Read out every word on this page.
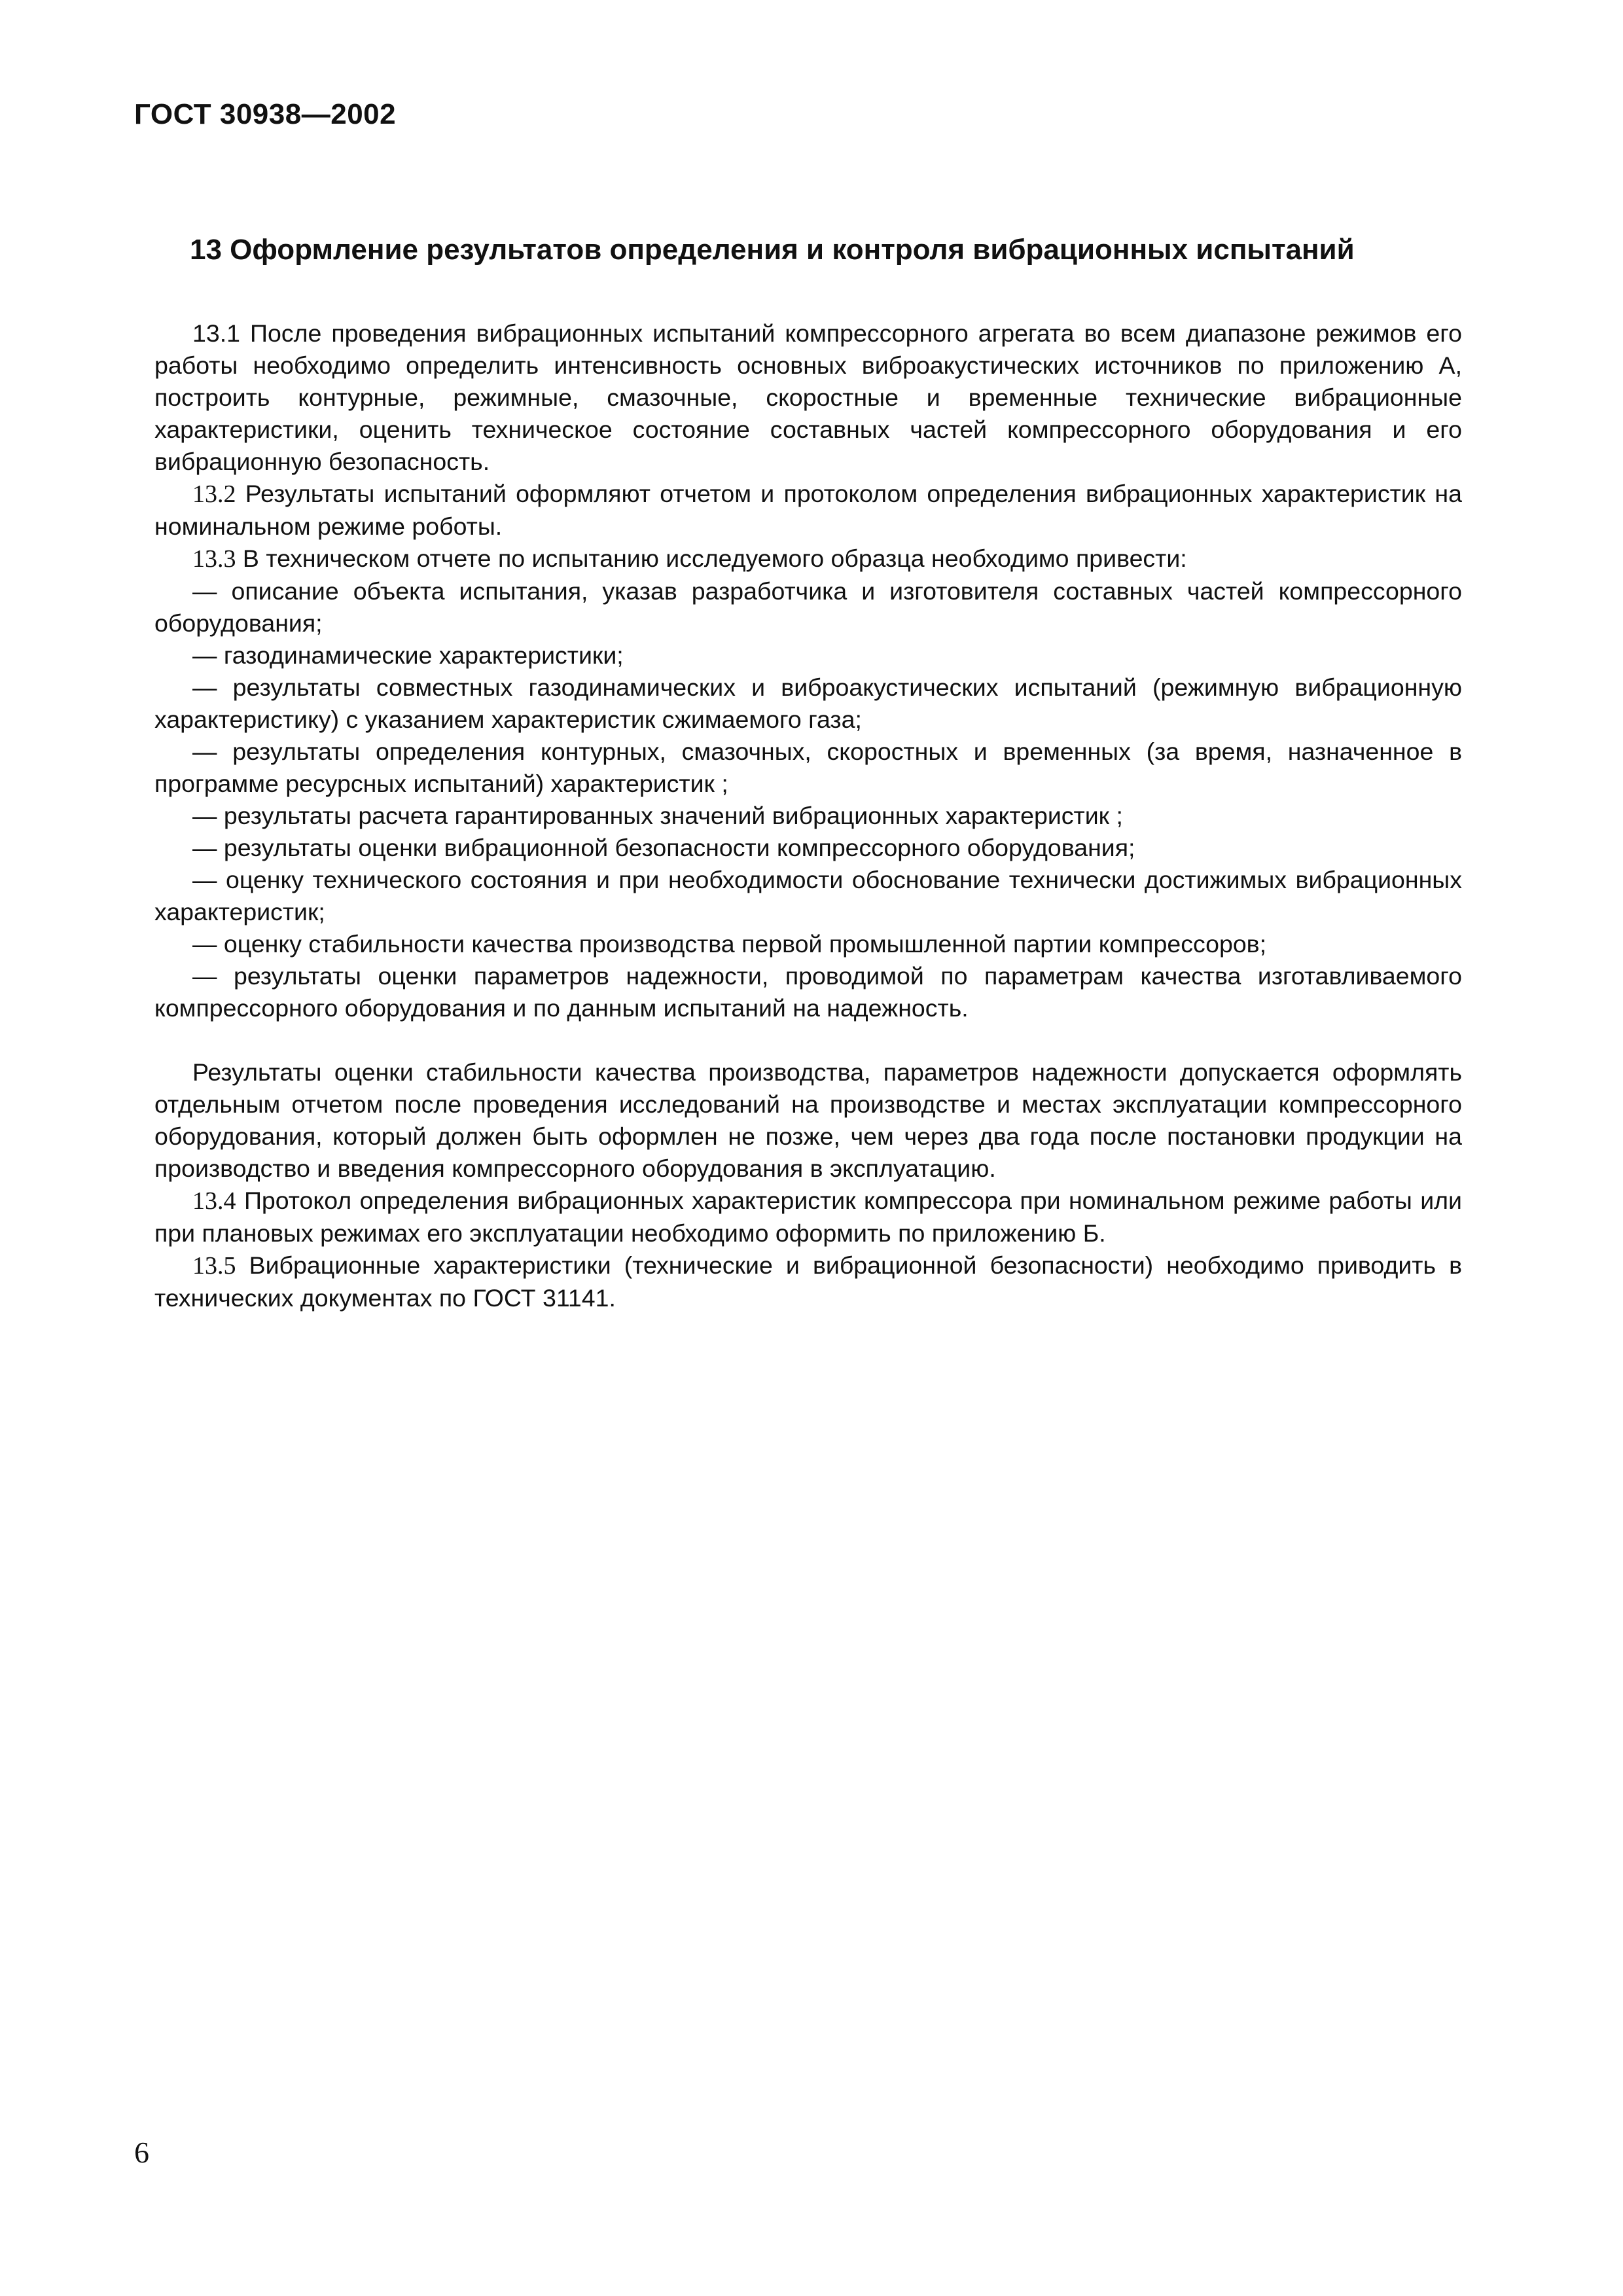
ГОСТ 30938—2002
13 Оформление результатов определения и контроля вибрационных испытаний

13.1 После проведения вибрационных испытаний компрессорного агрегата во всем диапазоне режимов его работы необходимо определить интенсивность основных виброакустических источников по приложению А, построить контурные, режимные, смазочные, скоростные и временные технические вибрационные характеристики, оценить техническое состояние составных частей компрессорного оборудования и его вибрационную безопасность.

13.2 Результаты испытаний оформляют отчетом и протоколом определения вибрационных характеристик на номинальном режиме роботы.

13.3 В техническом отчете по испытанию исследуемого образца необходимо привести:

— описание объекта испытания, указав разработчика и изготовителя составных частей компрессорного оборудования;

— газодинамические характеристики;

— результаты совместных газодинамических и виброакустических испытаний (режимную вибрационную характеристику) с указанием характеристик сжимаемого газа;

— результаты определения контурных, смазочных, скоростных и временных (за время, назначенное в программе ресурсных испытаний) характеристик ;

— результаты расчета гарантированных значений вибрационных характеристик ;

— результаты оценки вибрационной безопасности компрессорного оборудования;

— оценку технического состояния и при необходимости обоснование технически достижимых вибрационных характеристик;

— оценку стабильности качества производства первой промышленной партии компрессоров;

— результаты оценки параметров надежности, проводимой по параметрам качества изготавливаемого компрессорного оборудования и по данным испытаний на надежность.

Результаты оценки стабильности качества производства, параметров надежности допускается оформлять отдельным отчетом после проведения исследований на производстве и местах эксплуатации компрессорного оборудования, который должен быть оформлен не позже, чем через два года после постановки продукции на производство и введения компрессорного оборудования в эксплуатацию.

13.4 Протокол определения вибрационных характеристик компрессора при номинальном режиме работы или при плановых режимах его эксплуатации необходимо оформить по приложению Б.

13.5 Вибрационные характеристики (технические и вибрационной безопасности) необходимо приводить в технических документах по ГОСТ 31141.

6
